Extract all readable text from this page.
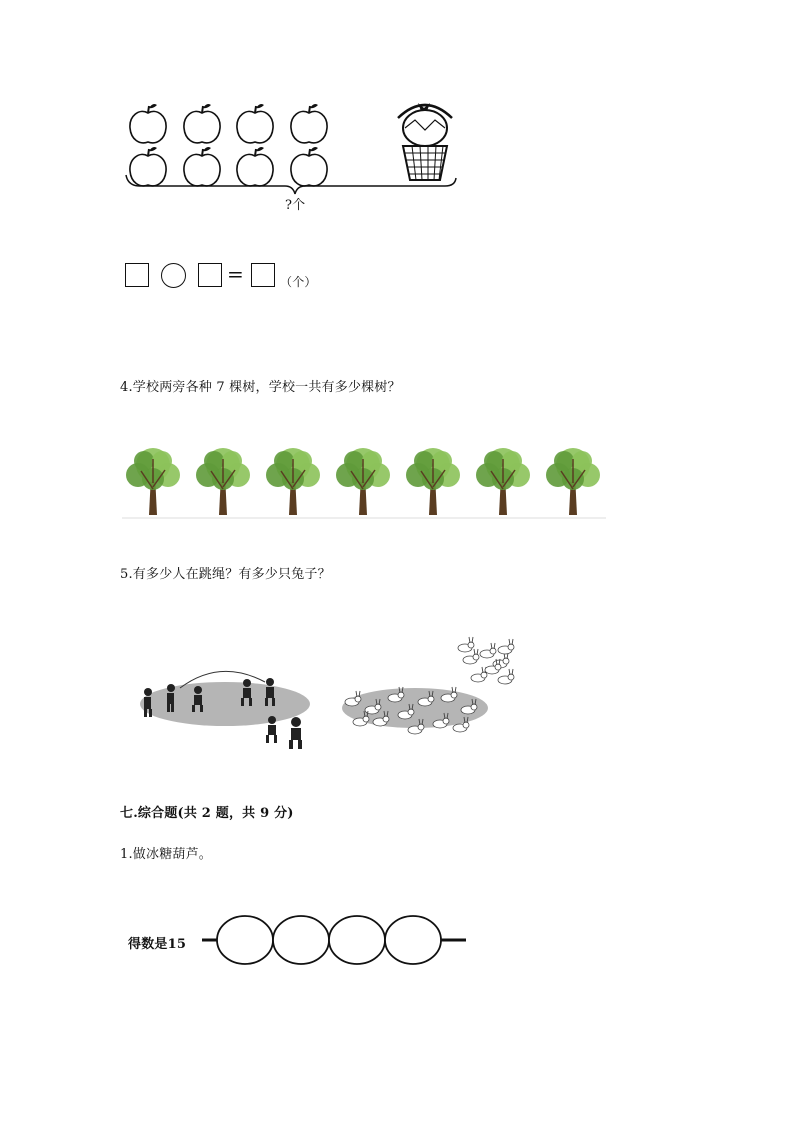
?个
=	（个）
4.学校两旁各种 7 棵树，学校一共有多少棵树？
5.有多少人在跳绳？有多少只兔子？
七.综合题(共 2 题，共 9 分)
1.做冰糖葫芦。
得数是15
